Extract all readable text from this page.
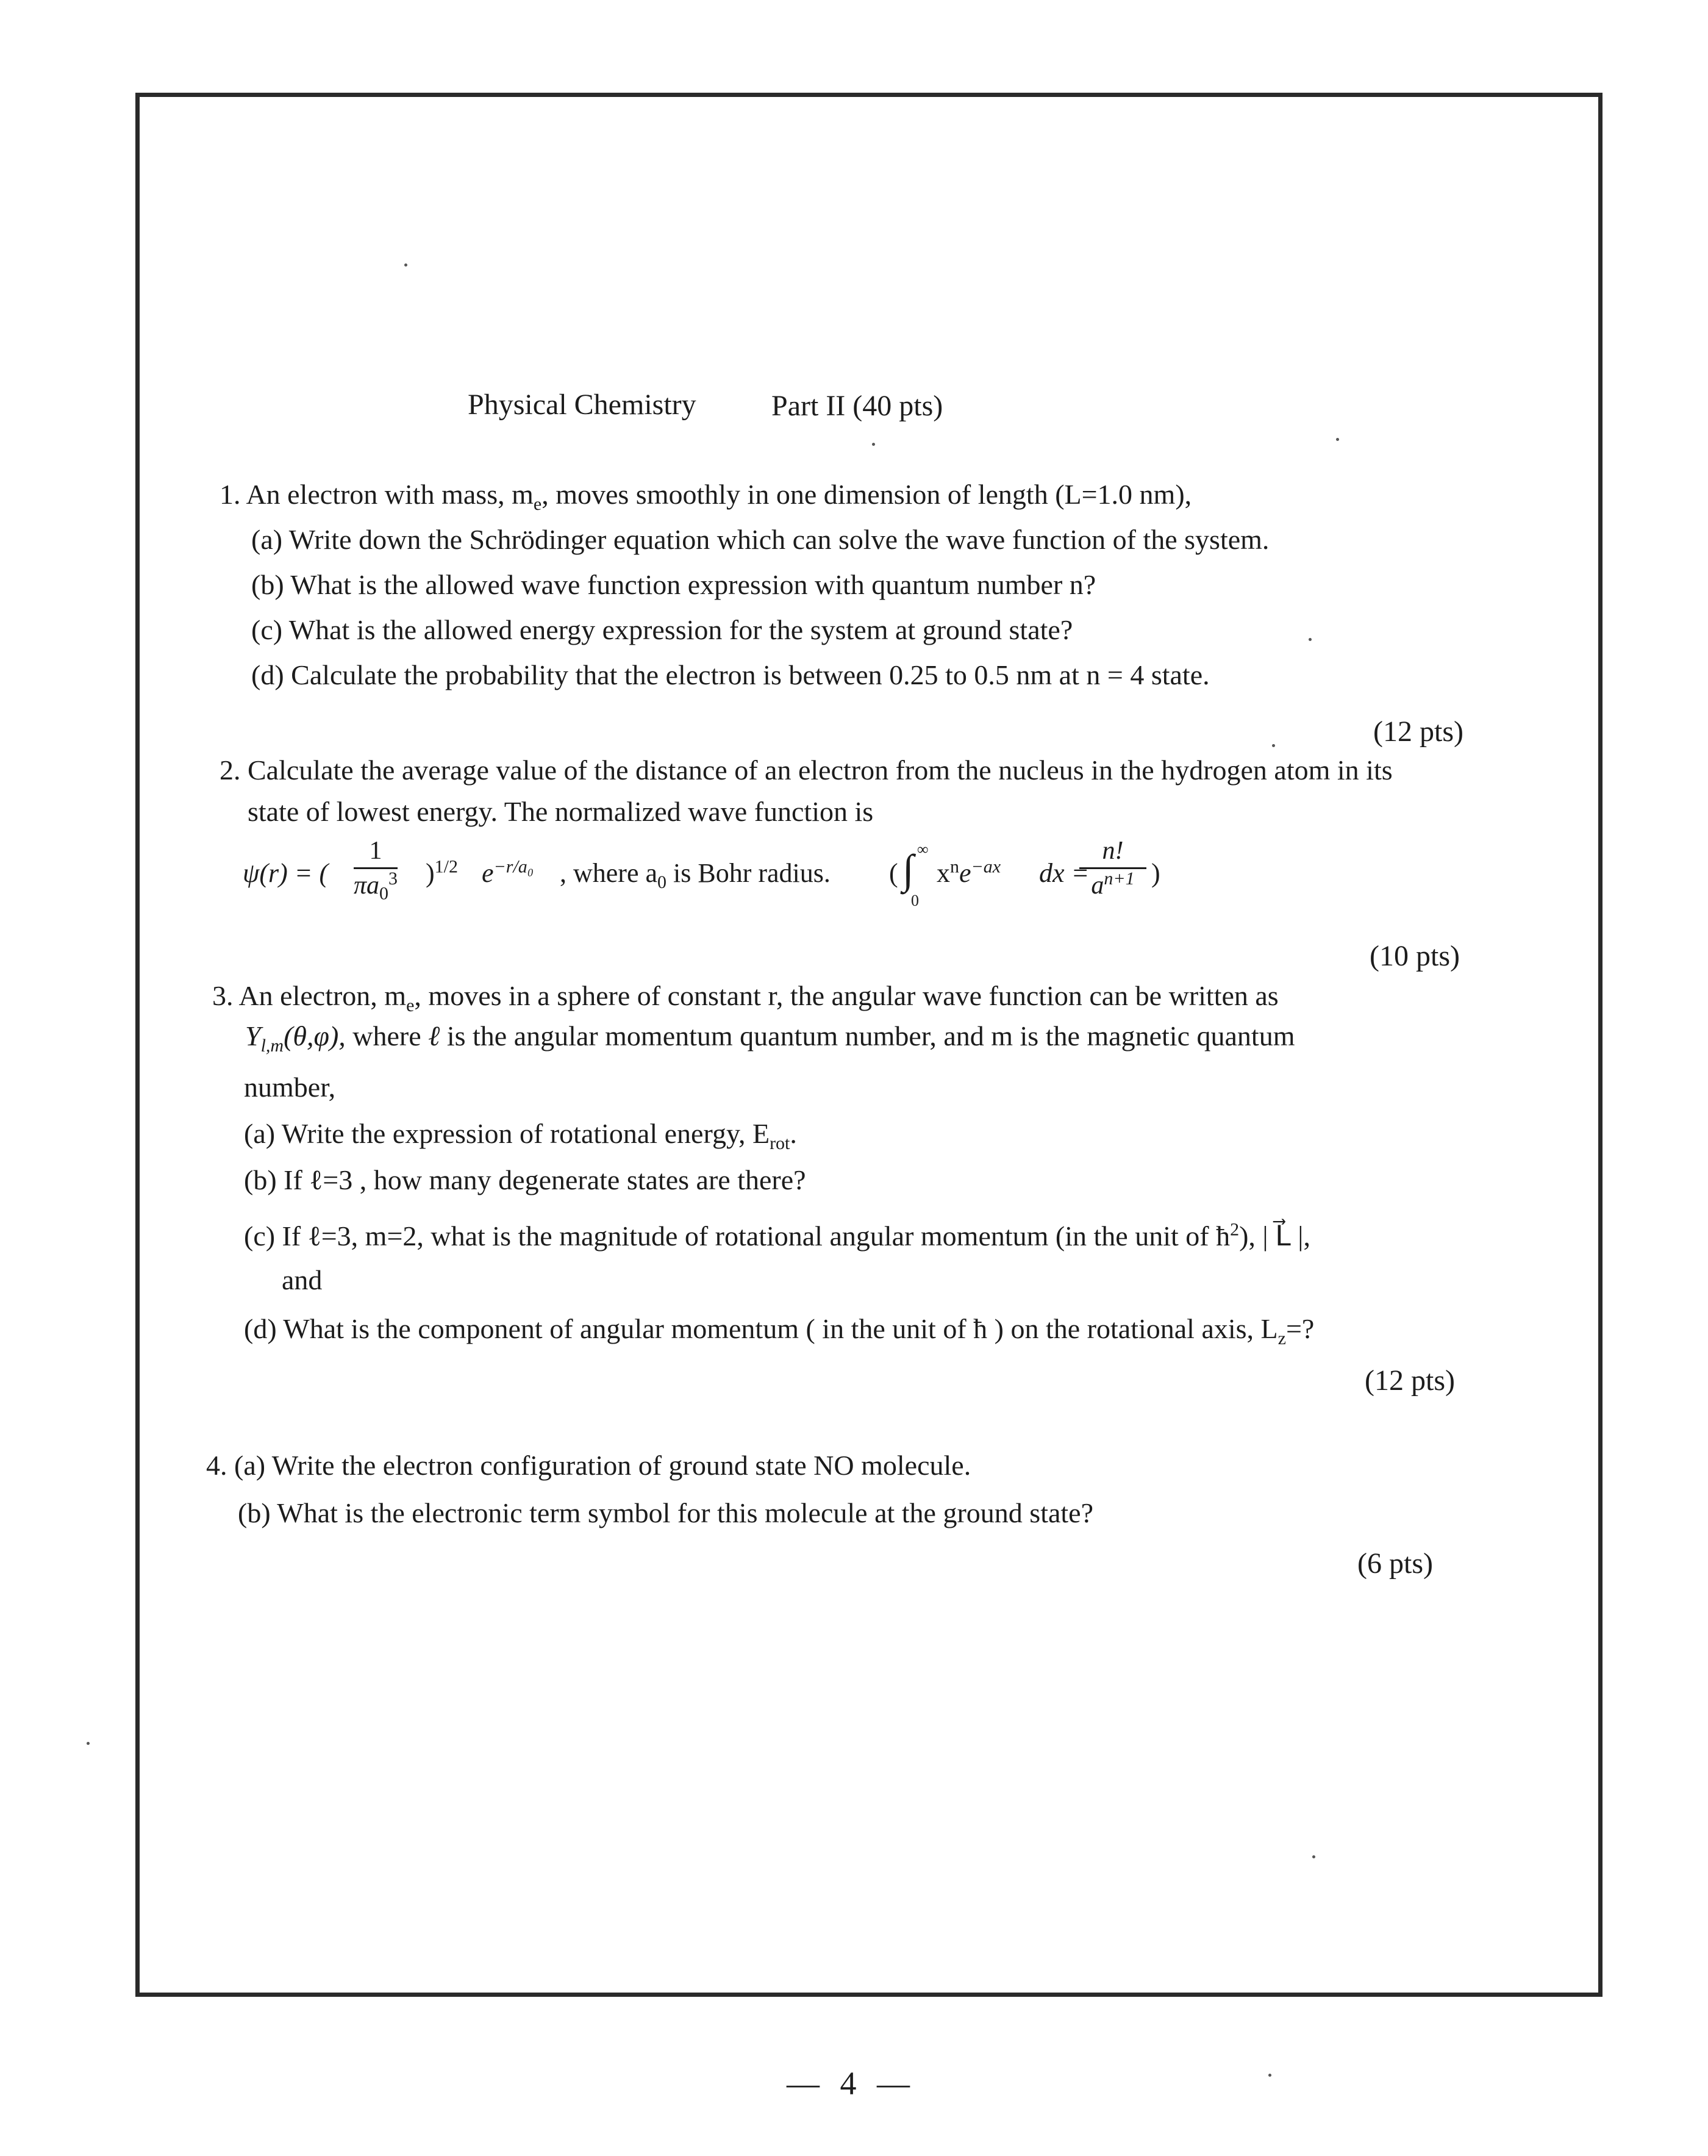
Physical Chemistry	Part II (40 pts)
1. An electron with mass, $m_e$, moves smoothly in one dimension of length (L=1.0 nm),
(a) Write down the Schrödinger equation which can solve the wave function of the system.
(b) What is the allowed wave function expression with quantum number n?
(c) What is the allowed energy expression for the system at ground state?
(d) Calculate the probability that the electron is between 0.25 to 0.5 nm at n = 4 state.
(12 pts)
2. Calculate the average value of the distance of an electron from the nucleus in the hydrogen atom in its
state of lowest energy. The normalized wave function is
ψ(r) = (
1
$\pi a_0^3$ )$^{1/2}$ $e^{-r/a_0}$ , where $a_0$ is Bohr radius. ( ∫ ∞
0
$x^ne^{-ax}$ dx =
n!
$a^{n+1}$ )
(10 pts)
3. An electron, $m_e$, moves in a sphere of constant r, the angular wave function can be written as
$Y_{l,m}(\theta,\varphi)$, where ℓ is the angular momentum quantum number, and m is the magnetic quantum
number,
(a) Write the expression of rotational energy, $E_{rot}$.
(b) If ℓ=3 , how many degenerate states are there?
(c) If ℓ=3, m=2, what is the magnitude of rotational angular momentum (in the unit of $ħ^2$), | L⃗ |,
and
(d) What is the component of angular momentum ( in the unit of ħ ) on the rotational axis, $L_z=$?
(12 pts)
4. (a) Write the electron configuration of ground state NO molecule.
(b) What is the electronic term symbol for this molecule at the ground state?
(6 pts)
— 4 —
